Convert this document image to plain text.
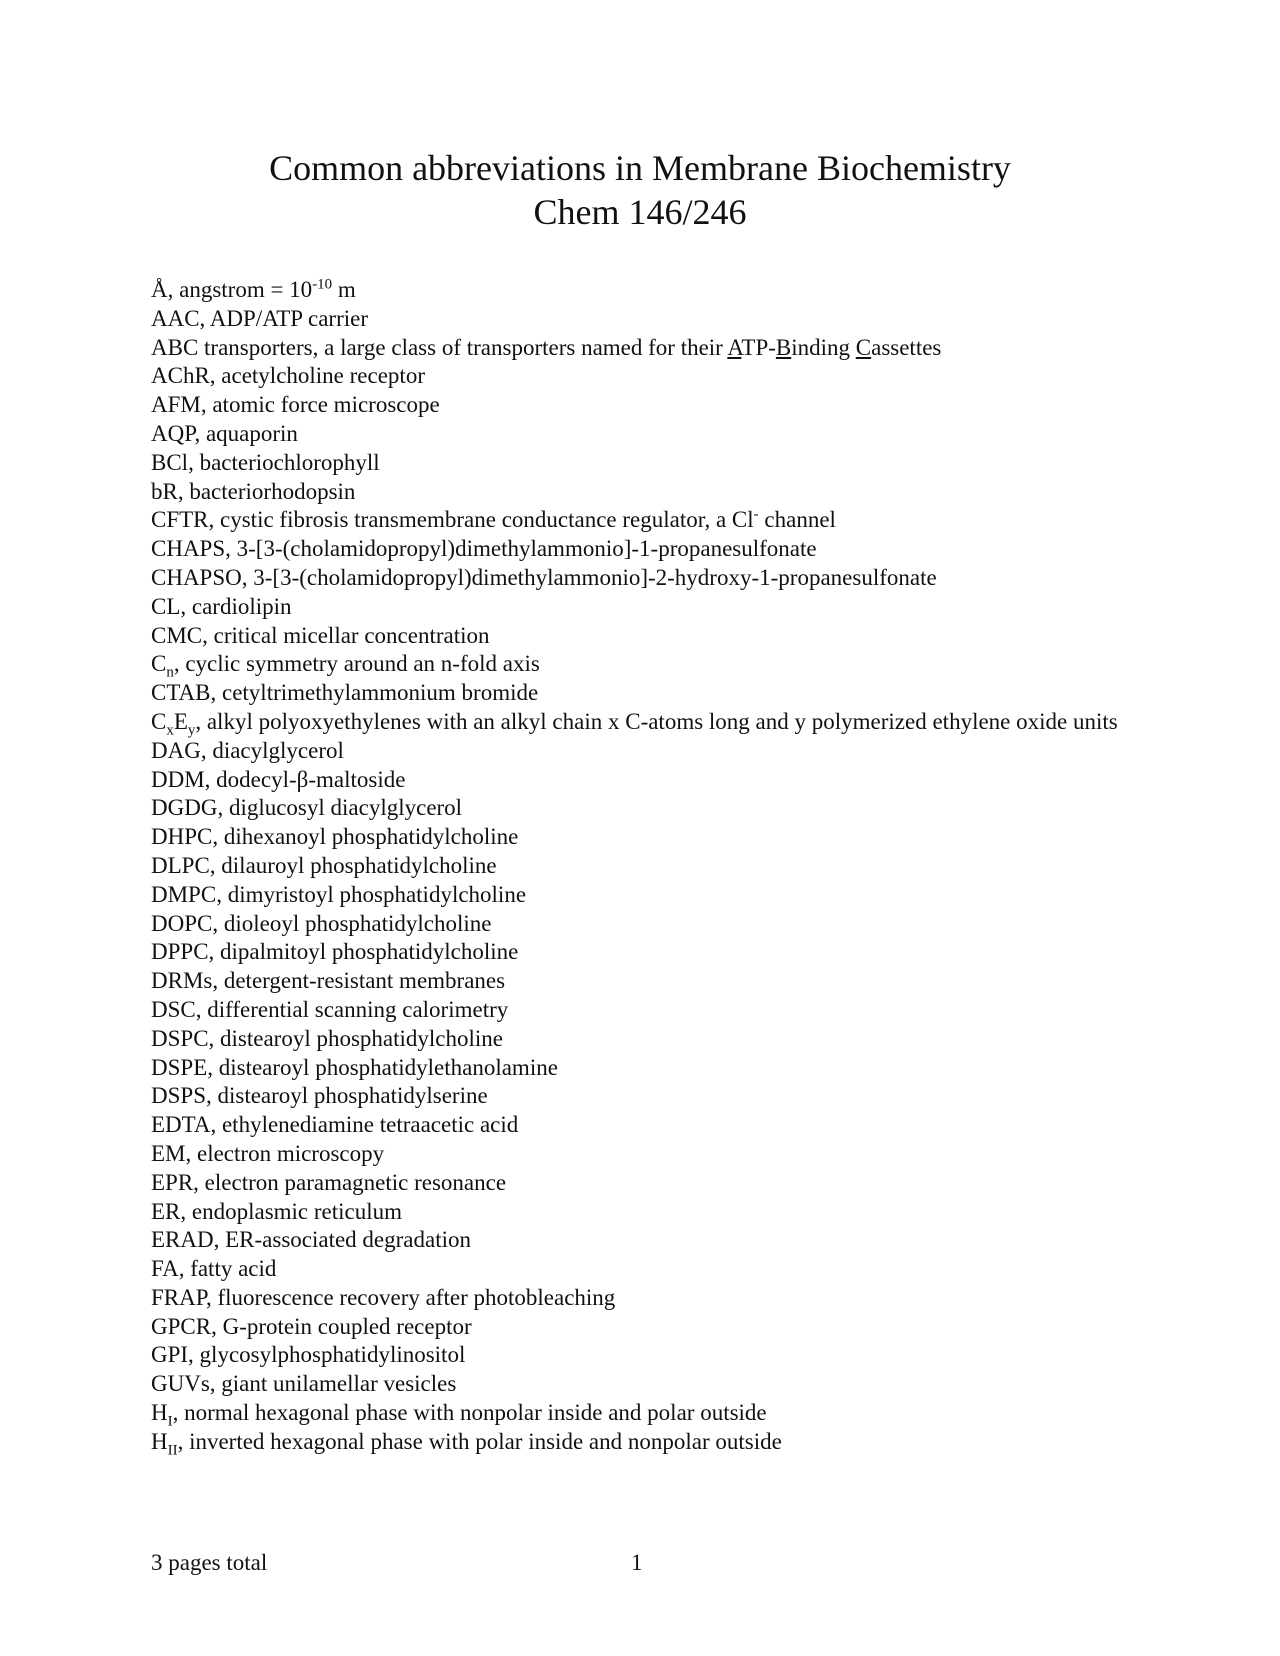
Common abbreviations in Membrane Biochemistry
Chem 146/246
Å, angstrom = $10^{-10}$ m
AAC, ADP/ATP carrier
ABC transporters, a large class of transporters named for their ATP-Binding Cassettes
AChR, acetylcholine receptor
AFM, atomic force microscope
AQP, aquaporin
BCl, bacteriochlorophyll
bR, bacteriorhodopsin
CFTR, cystic fibrosis transmembrane conductance regulator, a Cl- channel
CHAPS, 3-[3-(cholamidopropyl)dimethylammonio]-1-propanesulfonate
CHAPSO, 3-[3-(cholamidopropyl)dimethylammonio]-2-hydroxy-1-propanesulfonate
CL, cardiolipin
CMC, critical micellar concentration
$C_n$, cyclic symmetry around an n-fold axis
CTAB, cetyltrimethylammonium bromide
$C_xE_y$, alkyl polyoxyethylenes with an alkyl chain x C-atoms long and y polymerized ethylene oxide units
DAG, diacylglycerol
DDM, dodecyl-β-maltoside
DGDG, diglucosyl diacylglycerol
DHPC, dihexanoyl phosphatidylcholine
DLPC, dilauroyl phosphatidylcholine
DMPC, dimyristoyl phosphatidylcholine
DOPC, dioleoyl phosphatidylcholine
DPPC, dipalmitoyl phosphatidylcholine
DRMs, detergent-resistant membranes
DSC, differential scanning calorimetry
DSPC, distearoyl phosphatidylcholine
DSPE, distearoyl phosphatidylethanolamine
DSPS, distearoyl phosphatidylserine
EDTA, ethylenediamine tetraacetic acid
EM, electron microscopy
EPR, electron paramagnetic resonance
ER, endoplasmic reticulum
ERAD, ER-associated degradation
FA, fatty acid
FRAP, fluorescence recovery after photobleaching
GPCR, G-protein coupled receptor
GPI, glycosylphosphatidylinositol
GUVs, giant unilamellar vesicles
$H_I$, normal hexagonal phase with nonpolar inside and polar outside
$H_{II}$, inverted hexagonal phase with polar inside and nonpolar outside
3 pages total	1
